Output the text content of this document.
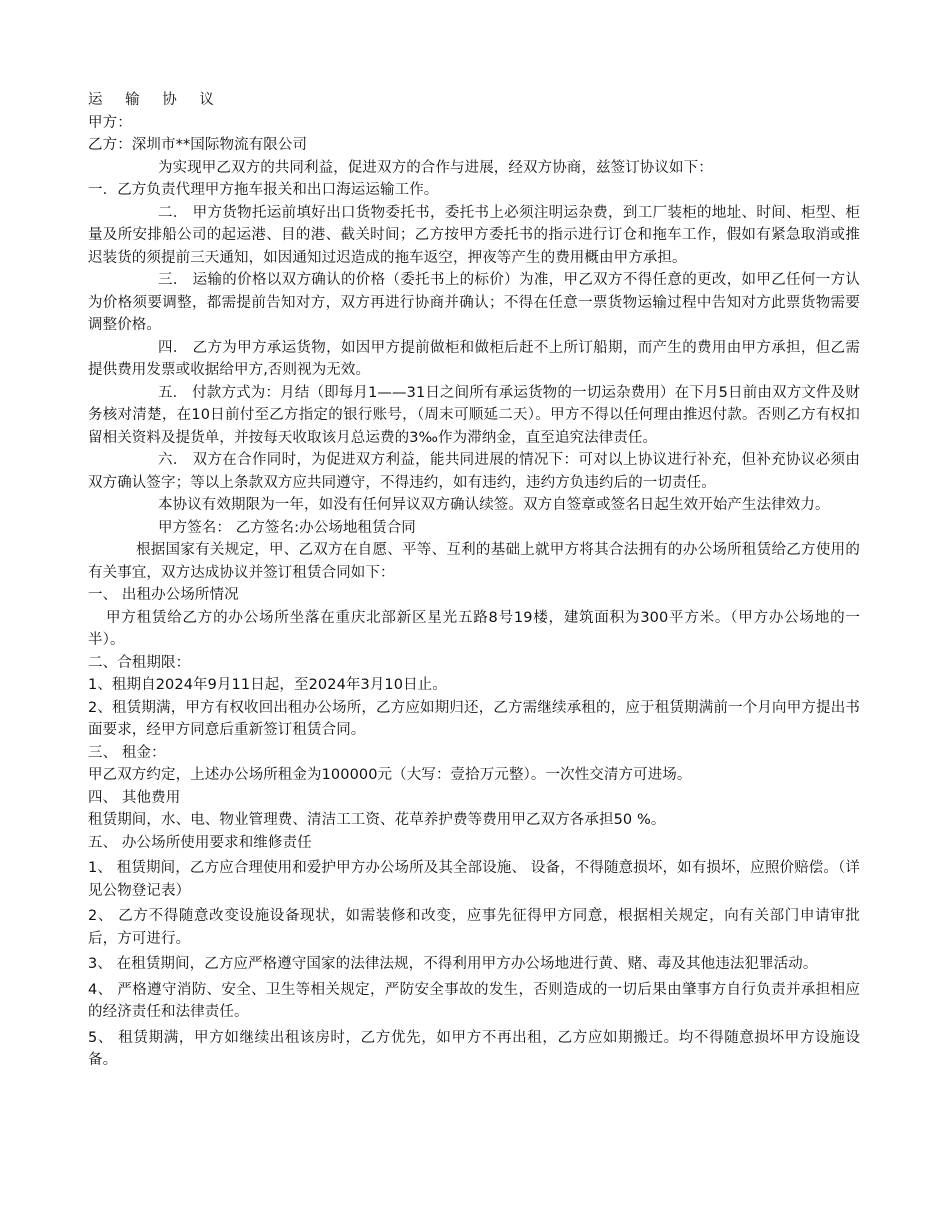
运 输 协 议

甲方：

乙方：深圳市**国际物流有限公司

为实现甲乙双方的共同利益，促进双方的合作与进展，经双方协商，兹签订协议如下：

一．乙方负责代理甲方拖车报关和出口海运运输工作。

二． 甲方货物托运前填好出口货物委托书，委托书上必须注明运杂费，到工厂装柜的地址、时间、柜型、柜量及所安排船公司的起运港、目的港、截关时间；乙方按甲方委托书的指示进行订仓和拖车工作，假如有紧急取消或推迟装货的须提前三天通知，如因通知过迟造成的拖车返空，押夜等产生的费用概由甲方承担。

三． 运输的价格以双方确认的价格（委托书上的标价）为准，甲乙双方不得任意的更改，如甲乙任何一方认为价格须要调整，都需提前告知对方，双方再进行协商并确认；不得在任意一票货物运输过程中告知对方此票货物需要调整价格。

四． 乙方为甲方承运货物，如因甲方提前做柜和做柜后赶不上所订船期，而产生的费用由甲方承担，但乙需提供费用发票或收据给甲方,否则视为无效。

五． 付款方式为：月结（即每月1——31日之间所有承运货物的一切运杂费用）在下月5日前由双方文件及财务核对清楚，在10日前付至乙方指定的银行账号，（周末可顺延二天）。甲方不得以任何理由推迟付款。否则乙方有权扣留相关资料及提货单，并按每天收取该月总运费的3‰作为滞纳金，直至追究法律责任。

六． 双方在合作同时，为促进双方利益，能共同进展的情况下：可对以上协议进行补充，但补充协议必须由双方确认签字；等以上条款双方应共同遵守，不得违约，如有违约，违约方负违约后的一切责任。

本协议有效期限为一年，如没有任何异议双方确认续签。双方自签章或签名日起生效开始产生法律效力。

甲方签名： 乙方签名:办公场地租赁合同

根据国家有关规定，甲、乙双方在自愿、平等、互利的基础上就甲方将其合法拥有的办公场所租赁给乙方使用的有关事宜，双方达成协议并签订租赁合同如下：

一、 出租办公场所情况

甲方租赁给乙方的办公场所坐落在重庆北部新区星光五路8号19楼，建筑面积为300平方米。（甲方办公场地的一半）。

二、合租期限：

1、租期自2024年9月11日起，至2024年3月10日止。

2、租赁期满，甲方有权收回出租办公场所，乙方应如期归还，乙方需继续承租的，应于租赁期满前一个月向甲方提出书面要求，经甲方同意后重新签订租赁合同。

三、 租金：

甲乙双方约定，上述办公场所租金为100000元（大写：壹拾万元整）。一次性交清方可进场。

四、 其他费用

租赁期间，水、电、物业管理费、清洁工工资、花草养护费等费用甲乙双方各承担50 %。

五、 办公场所使用要求和维修责任

1、 租赁期间，乙方应合理使用和爱护甲方办公场所及其全部设施、 设备，不得随意损坏，如有损坏，应照价赔偿。（详见公物登记表）

2、 乙方不得随意改变设施设备现状，如需装修和改变，应事先征得甲方同意，根据相关规定，向有关部门申请审批后，方可进行。

3、 在租赁期间，乙方应严格遵守国家的法律法规，不得利用甲方办公场地进行黄、赌、毒及其他违法犯罪活动。

4、 严格遵守消防、安全、卫生等相关规定，严防安全事故的发生，否则造成的一切后果由肇事方自行负责并承担相应的经济责任和法律责任。

5、 租赁期满，甲方如继续出租该房时，乙方优先，如甲方不再出租，乙方应如期搬迁。均不得随意损坏甲方设施设备。
